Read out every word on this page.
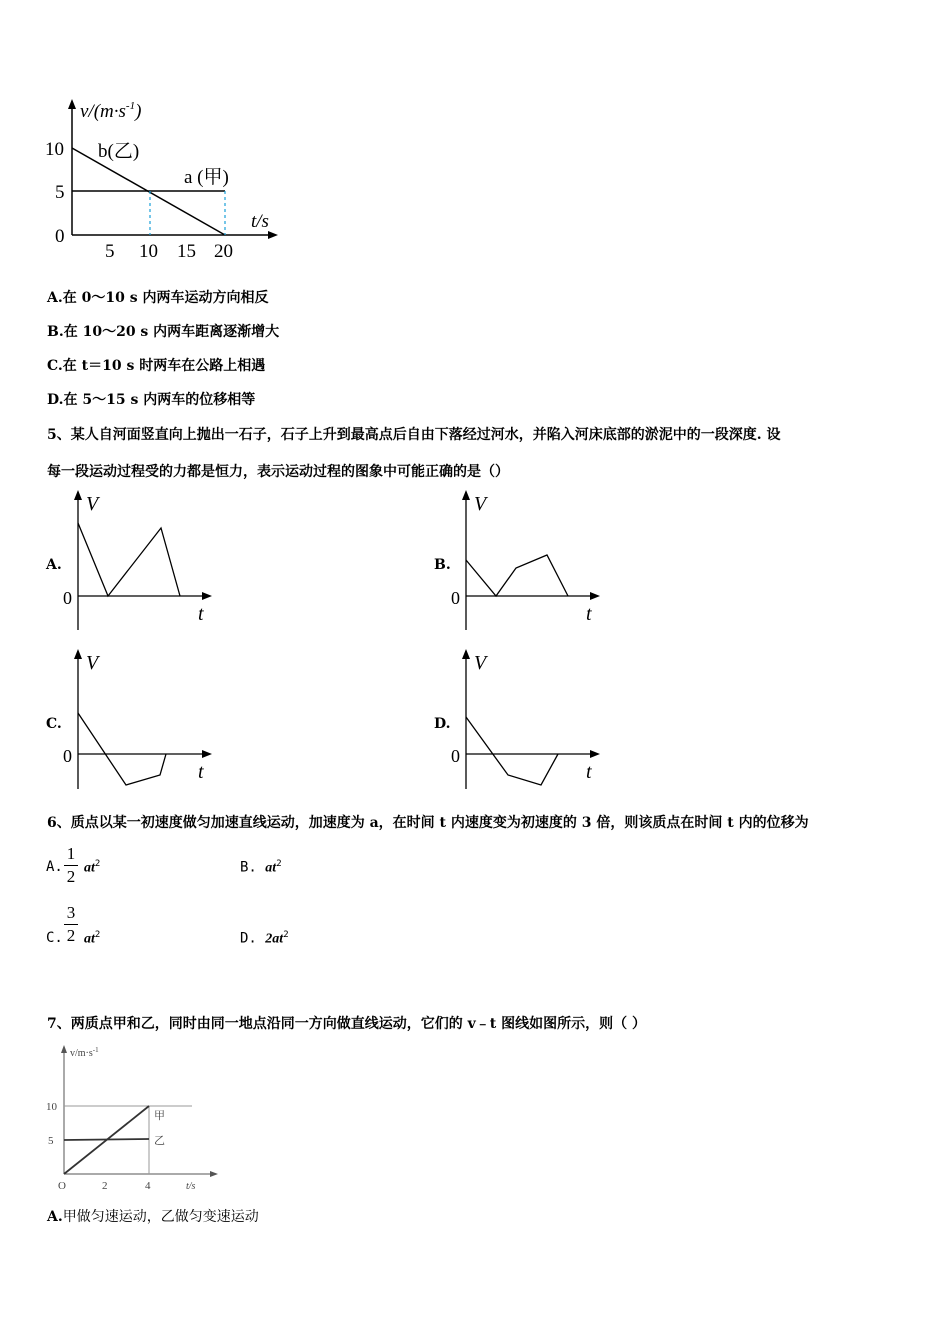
$v/(m\cdot s^{-1})$
10
5
0
5 10 15 20
t/s
b(乙)
a (甲)
A.在 0～10 s 内两车运动方向相反
B.在 10～20 s 内两车距离逐渐增大
C.在 t＝10 s 时两车在公路上相遇
D.在 5～15 s 内两车的位移相等
5、某人自河面竖直向上抛出一石子，石子上升到最高点后自由下落经过河水，并陷入河床底部的淤泥中的一段深度. 设
每一段运动过程受的力都是恒力，表示运动过程的图象中可能正确的是（）
A.
V
0
t
B.
V
0
t
C.
V
0
t
D.
V
0
t
6、质点以某一初速度做匀加速直线运动，加速度为 a，在时间 t 内速度变为初速度的 3 倍，则该质点在时间 t 内的位移为
A.
1
2 $at^2$	B. $at^2$
C.
3
2 $at^2$	D. $2at^2$
7、两质点甲和乙，同时由同一地点沿同一方向做直线运动，它们的 v﹣t 图线如图所示，则（ ）
$v/m\cdot s^{-1}$
10
5
O	2	4	t/s
甲
乙
A.甲做匀速运动，乙做匀变速运动
